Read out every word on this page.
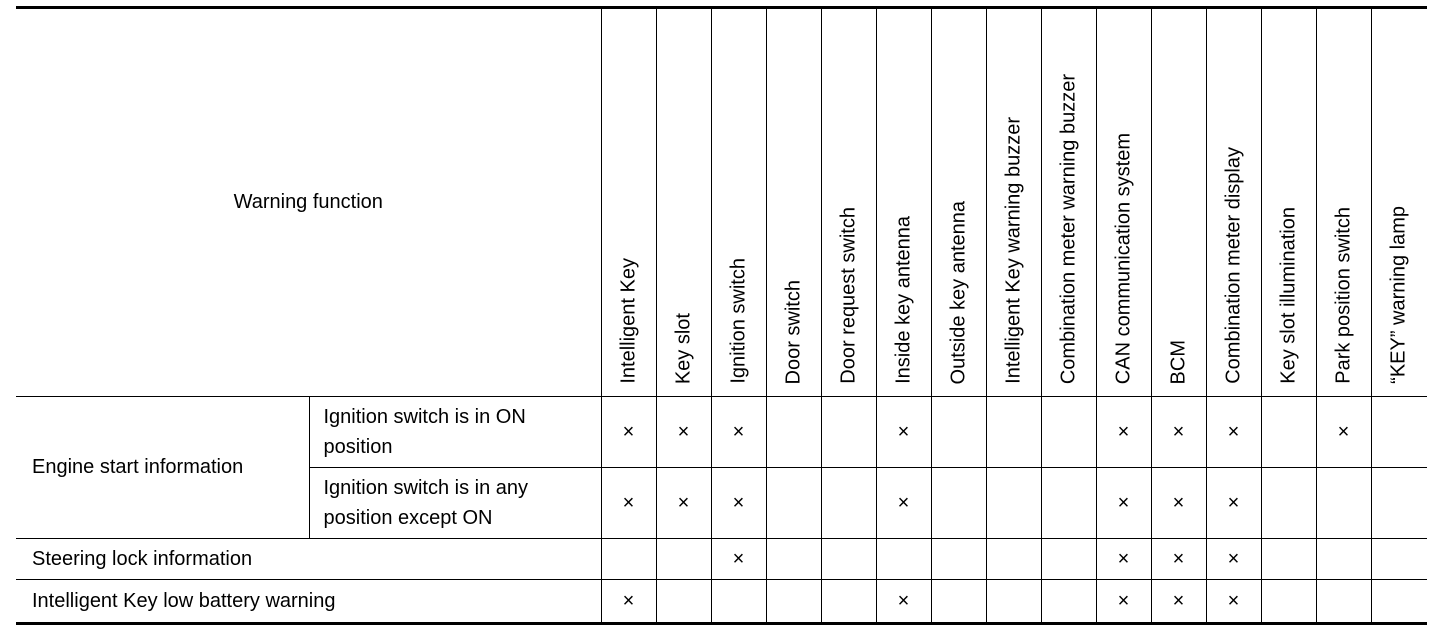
Warning function		Intelligent Key	Key slot	Ignition switch	Door switch	Door request switch	Inside key antenna	Outside key antenna	Intelligent Key warning buzzer	Combination meter warning buzzer	CAN communication system	BCM	Combination meter display	Key slot illumination	Park position switch	“KEY” warning lamp

Engine start information	Ignition switch is in ON position	×	×	×			×				×	×	×		×	
	Ignition switch is in any position except ON	×	×	×			×				×	×	×			
Steering lock information				×							×	×	×			
Intelligent Key low battery warning		×					×				×	×	×			
